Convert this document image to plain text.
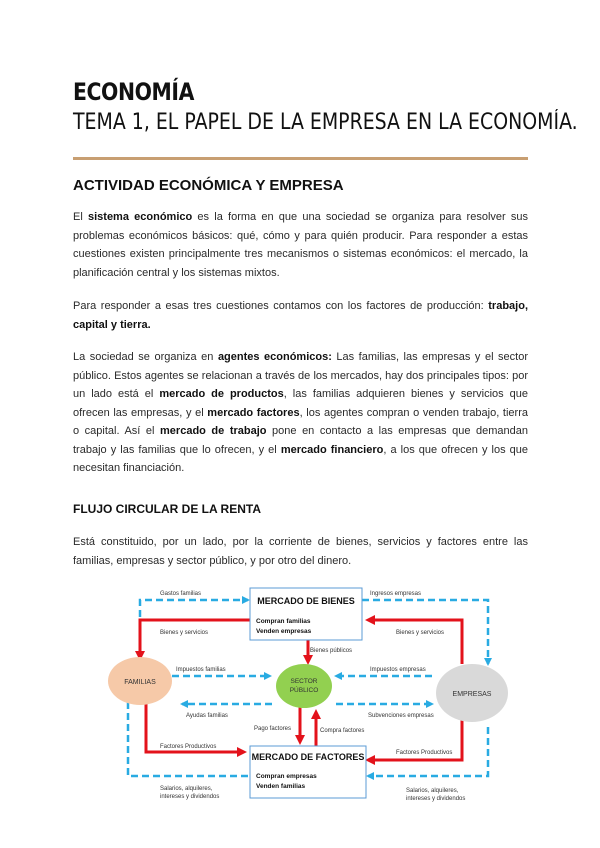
ECONOMÍA
TEMA 1, EL PAPEL DE LA EMPRESA EN LA ECONOMÍA.
ACTIVIDAD ECONÓMICA Y EMPRESA
El sistema económico es la forma en que una sociedad se organiza para resolver sus problemas económicos básicos: qué, cómo y para quién producir. Para responder a estas cuestiones existen principalmente tres mecanismos o sistemas económicos: el mercado, la planificación central y los sistemas mixtos.
Para responder a esas tres cuestiones contamos con los factores de producción: trabajo, capital y tierra.
La sociedad se organiza en agentes económicos: Las familias, las empresas y el sector público. Estos agentes se relacionan a través de los mercados, hay dos principales tipos: por un lado está el mercado de productos, las familias adquieren bienes y servicios que ofrecen las empresas, y el mercado factores, los agentes compran o venden trabajo, tierra o capital. Así el mercado de trabajo pone en contacto a las empresas que demandan trabajo y las familias que lo ofrecen, y el mercado financiero, a los que ofrecen y los que necesitan financiación.
FLUJO CIRCULAR DE LA RENTA
Está constituido, por un lado, por la corriente de bienes, servicios y factores entre las familias, empresas y sector público, y por otro del dinero.
MERCADO DE BIENES
Compran familias
Venden empresas
MERCADO DE FACTORES
Compran empresas
Venden familias
FAMILIAS	SECTOR
PÚBLICO
EMPRESAS
Gastos familias	Ingresos empresas
Bienes y servicios	Bienes y servicios
Bienes públicos
Impuestos familias	Impuestos empresas
Ayudas familias	Subvenciones empresas
Pago factores	Compra factores
Factores Productivos
Factores Productivos
Salarios, alquileres,
intereses y dividendos
Salarios, alquileres,
intereses y dividendos
